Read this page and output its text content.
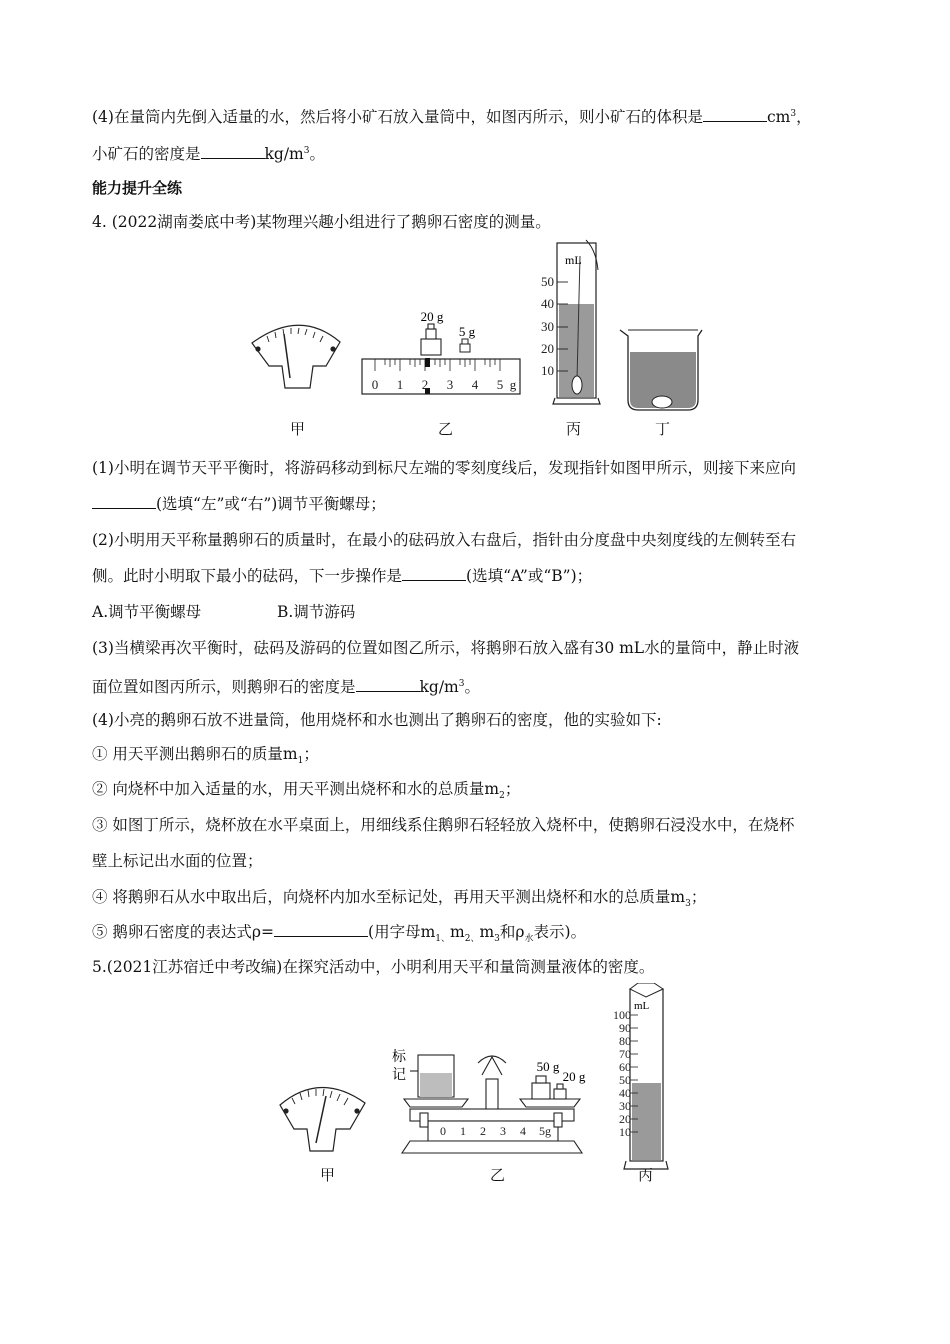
(4)在量筒内先倒入适量的水，然后将小矿石放入量筒中，如图丙所示，则小矿石的体积是	$cm^3$，
小矿石的密度是	$kg/m^3$。
能力提升全练
4. (2022湖南娄底中考)某物理兴趣小组进行了鹅卵石密度的测量。
0 1 2 3 4 5 g
20 g
5 g
mL
50
40
30
20
10
甲	乙	丙	丁
(1)小明在调节天平平衡时，将游码移动到标尺左端的零刻度线后，发现指针如图甲所示，则接下来应向
(选填“左”或“右”)调节平衡螺母；
(2)小明用天平称量鹅卵石的质量时，在最小的砝码放入右盘后，指针由分度盘中央刻度线的左侧转至右
侧。此时小明取下最小的砝码，下一步操作是	(选填“A”或“B”)；
A.调节平衡螺母	B.调节游码
(3)当横梁再次平衡时，砝码及游码的位置如图乙所示，将鹅卵石放入盛有30 mL水的量筒中，静止时液
面位置如图丙所示，则鹅卵石的密度是	$kg/m^3$。
(4)小亮的鹅卵石放不进量筒，他用烧杯和水也测出了鹅卵石的密度，他的实验如下:
① 用天平测出鹅卵石的质量$m_1$；
② 向烧杯中加入适量的水，用天平测出烧杯和水的总质量$m_2$；
③ 如图丁所示，烧杯放在水平桌面上，用细线系住鹅卵石轻轻放入烧杯中，使鹅卵石浸没水中，在烧杯
壁上标记出水面的位置；
④ 将鹅卵石从水中取出后，向烧杯内加水至标记处，再用天平测出烧杯和水的总质量$m_3$；
⑤ 鹅卵石密度的表达式ρ=	(用字母$m_{1、}m_{2、}m_3$和$\rho_水$表示)。
5.(2021江苏宿迁中考改编)在探究活动中，小明利用天平和量筒测量液体的密度。
0 1 2 3 4 5g
标
记
50 g
20 g
mL
100
90
80
70
60
50
40
30
20
10
甲	乙	丙
